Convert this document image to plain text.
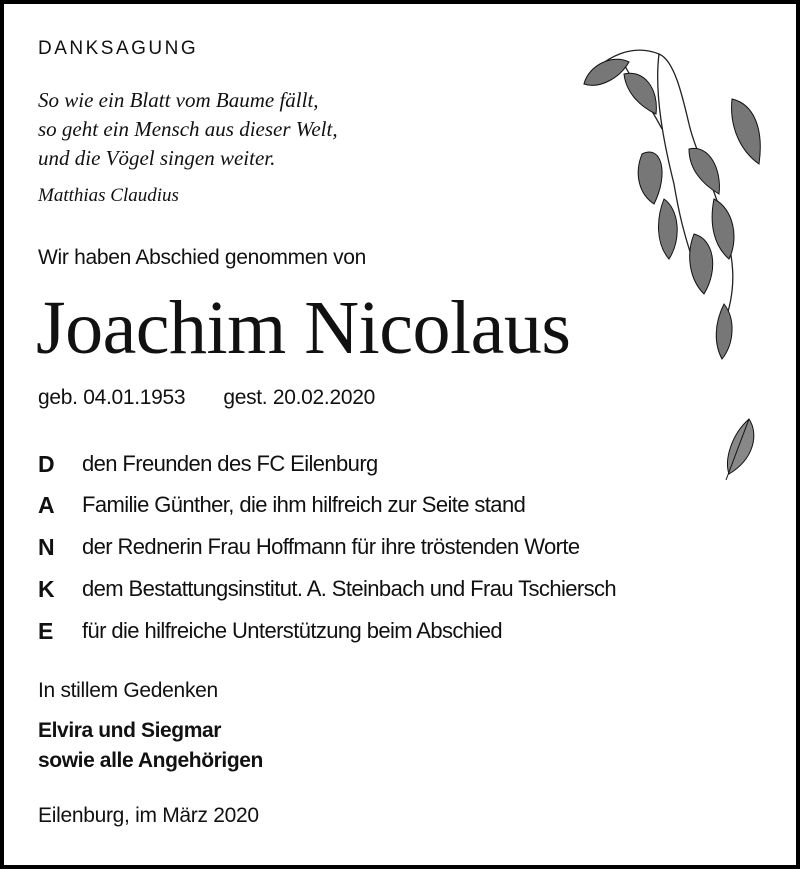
DANKSAGUNG
So wie ein Blatt vom Baume fällt,
so geht ein Mensch aus dieser Welt,
und die Vögel singen weiter.
Matthias Claudius
Wir haben Abschied genommen von
Joachim Nicolaus
geb. 04.01.1953 gest. 20.02.2020
D	den Freunden des FC Eilenburg
A	Familie Günther, die ihm hilfreich zur Seite stand
N	der Rednerin Frau Hoffmann für ihre tröstenden Worte
K	dem Bestattungsinstitut. A. Steinbach und Frau Tschiersch
E	für die hilfreiche Unterstützung beim Abschied
In stillem Gedenken
Elvira und Siegmar
sowie alle Angehörigen
Eilenburg, im März 2020
